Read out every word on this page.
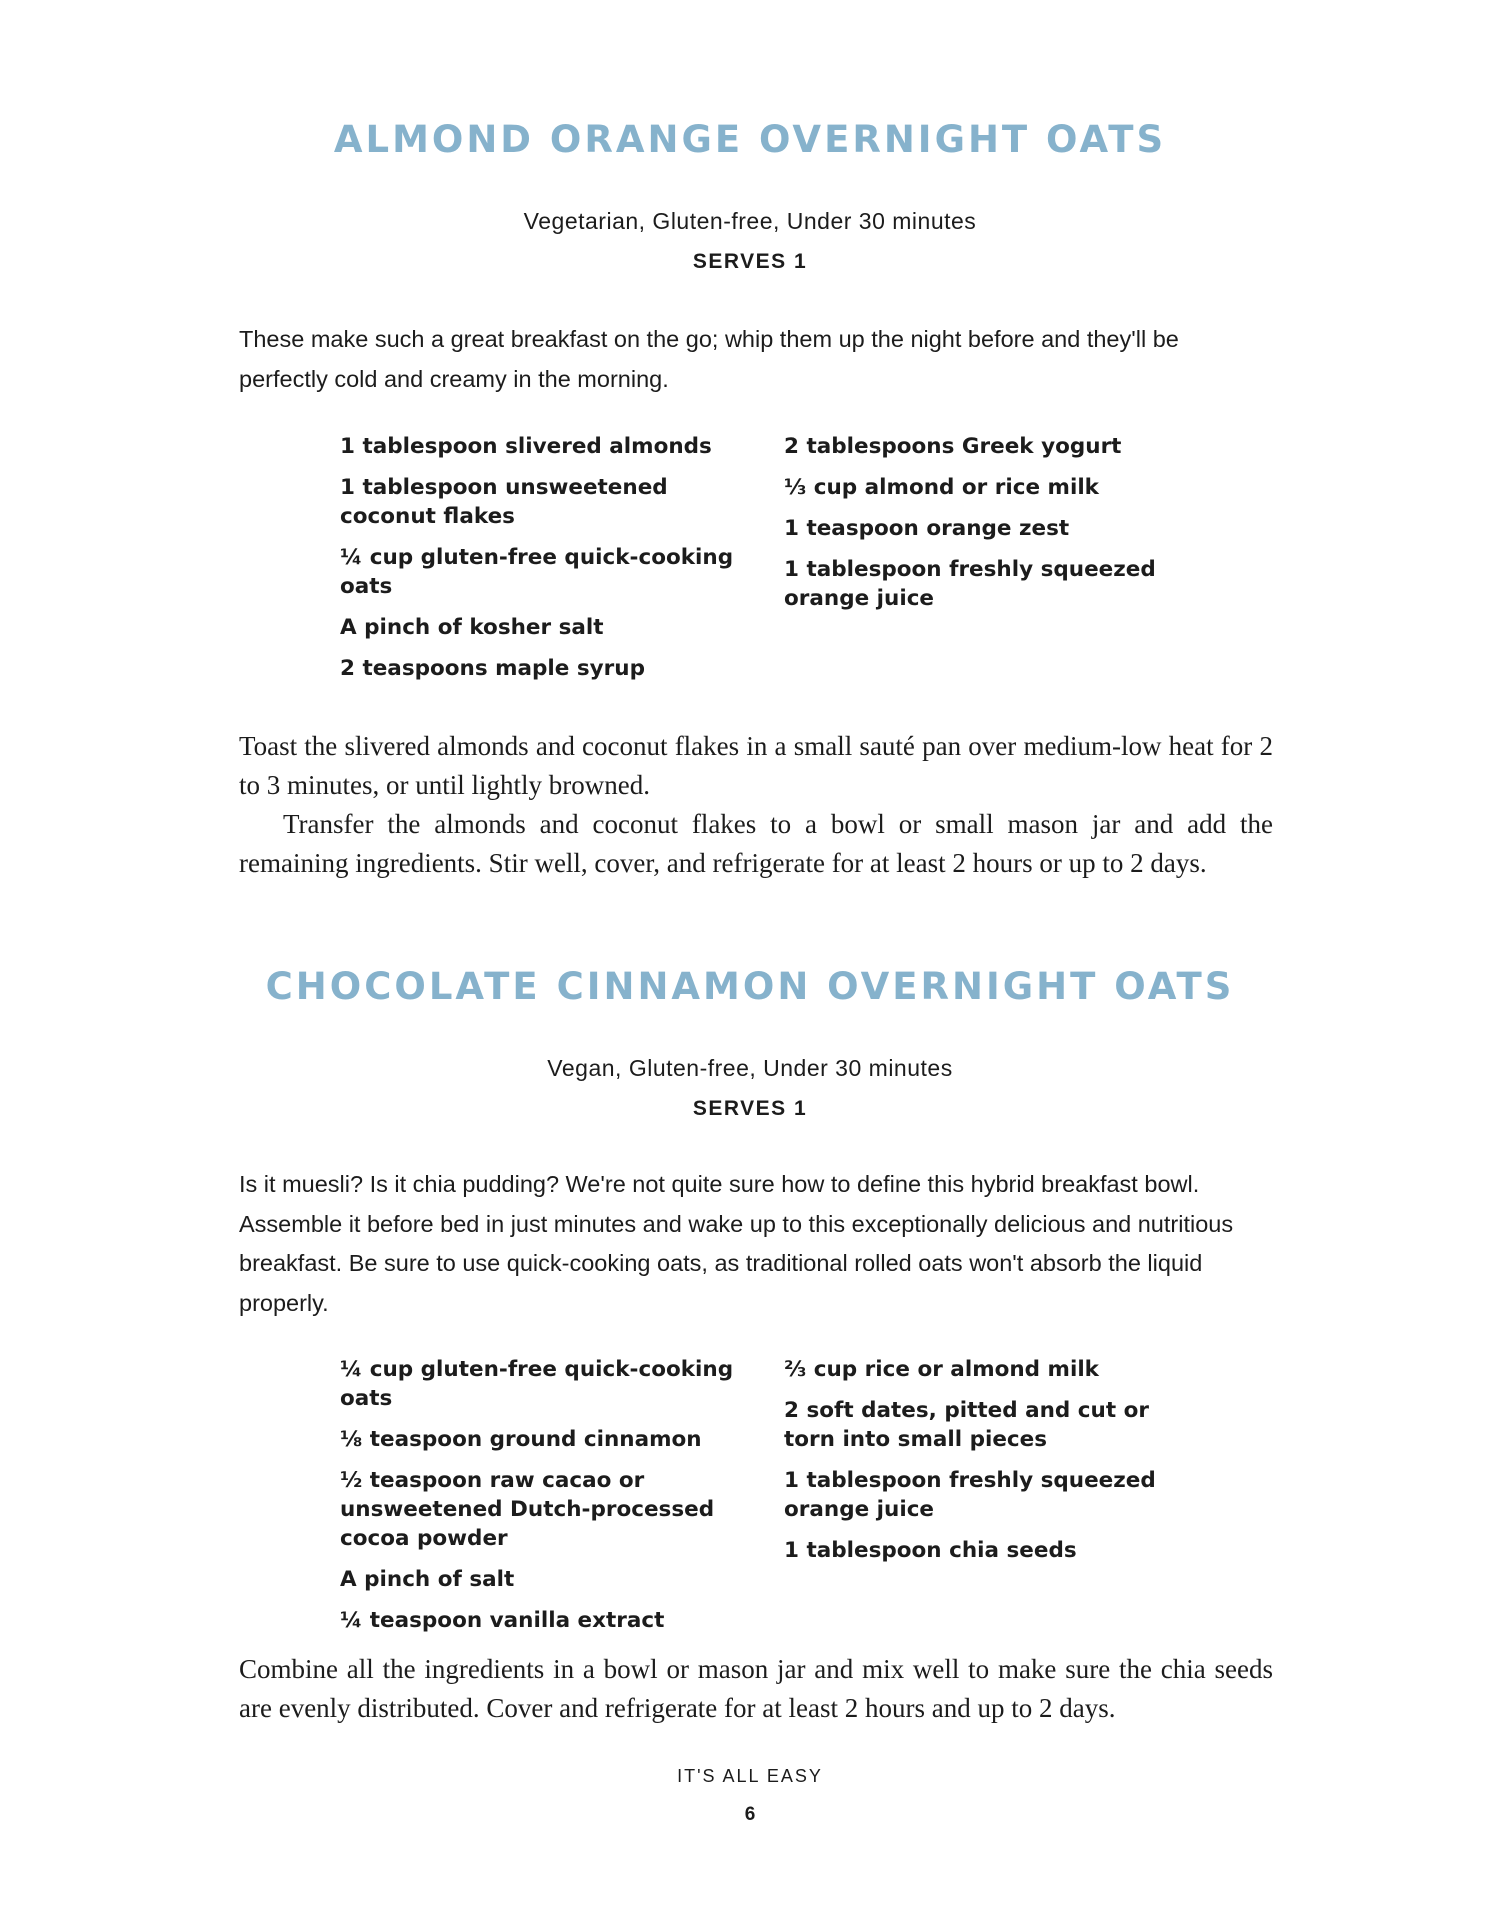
ALMOND ORANGE OVERNIGHT OATS
Vegetarian, Gluten-free, Under 30 minutes
SERVES 1

These make such a great breakfast on the go; whip them up the night before and they'll be perfectly cold and creamy in the morning.

1 tablespoon slivered almonds
1 tablespoon unsweetened coconut flakes
¼ cup gluten-free quick-cooking oats
A pinch of kosher salt
2 teaspoons maple syrup
2 tablespoons Greek yogurt
⅓ cup almond or rice milk
1 teaspoon orange zest
1 tablespoon freshly squeezed orange juice

Toast the slivered almonds and coconut flakes in a small sauté pan over medium-low heat for 2 to 3 minutes, or until lightly browned.

Transfer the almonds and coconut flakes to a bowl or small mason jar and add the remaining ingredients. Stir well, cover, and refrigerate for at least 2 hours or up to 2 days.

CHOCOLATE CINNAMON OVERNIGHT OATS
Vegan, Gluten-free, Under 30 minutes
SERVES 1

Is it muesli? Is it chia pudding? We're not quite sure how to define this hybrid breakfast bowl. Assemble it before bed in just minutes and wake up to this exceptionally delicious and nutritious breakfast. Be sure to use quick-cooking oats, as traditional rolled oats won't absorb the liquid properly.

¼ cup gluten-free quick-cooking oats
⅛ teaspoon ground cinnamon
½ teaspoon raw cacao or unsweetened Dutch-processed cocoa powder
A pinch of salt
¼ teaspoon vanilla extract
⅔ cup rice or almond milk
2 soft dates, pitted and cut or torn into small pieces
1 tablespoon freshly squeezed orange juice
1 tablespoon chia seeds

Combine all the ingredients in a bowl or mason jar and mix well to make sure the chia seeds are evenly distributed. Cover and refrigerate for at least 2 hours and up to 2 days.

IT'S ALL EASY
6
